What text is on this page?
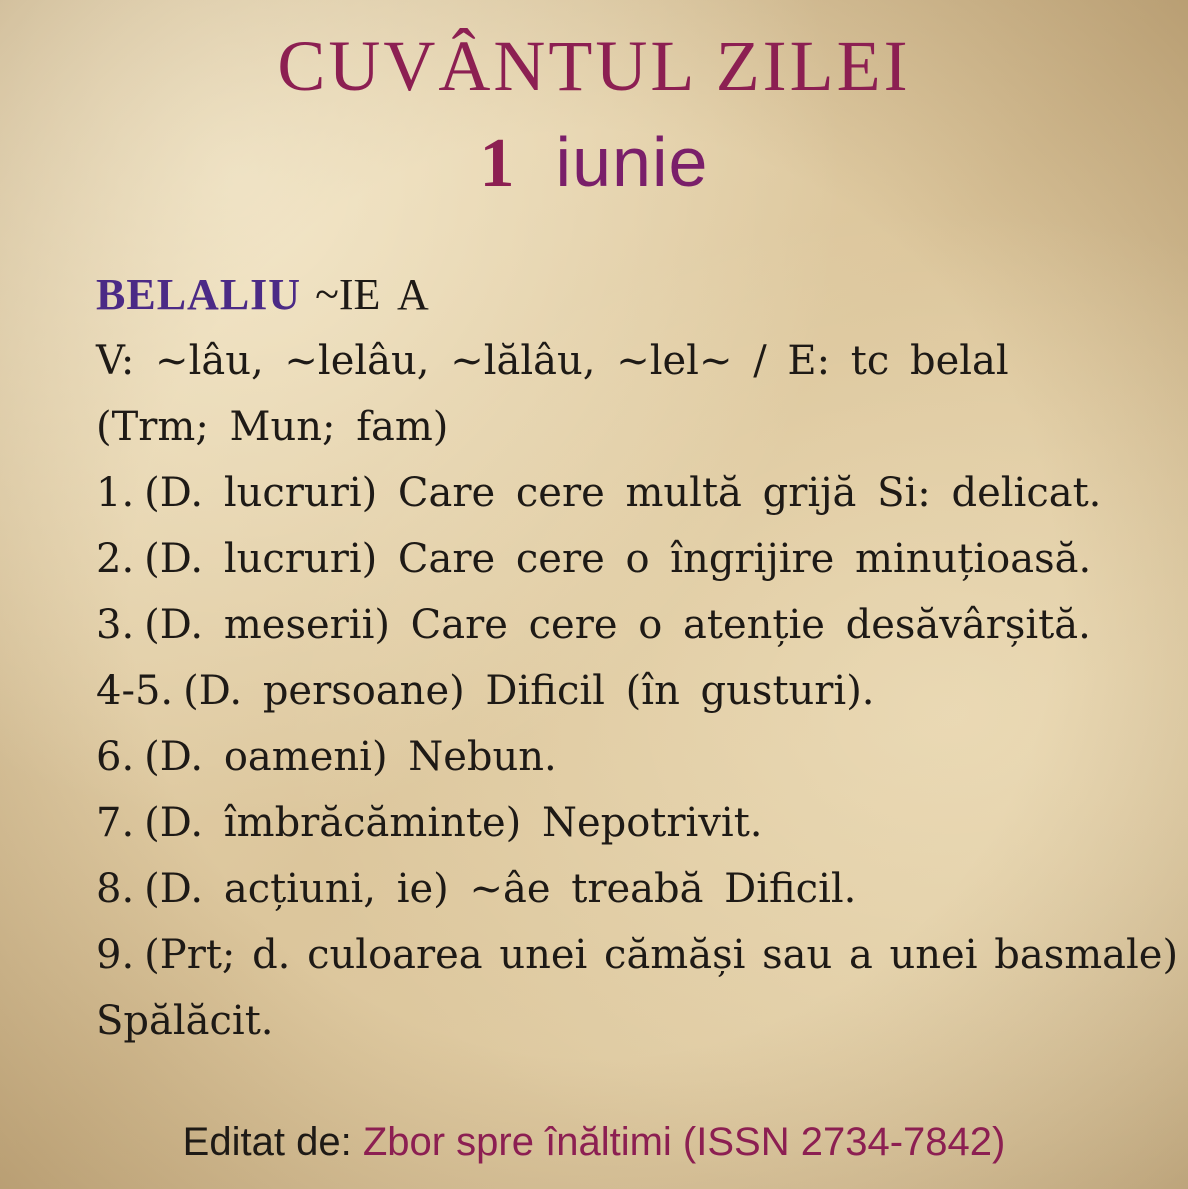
CUVÂNTUL ZILEI
1 iunie
BELALIU ~IE A
V: ~lâu, ~lelâu, ~lălâu, ~lel~ / E: tc belal
(Trm; Mun; fam)
1. (D. lucruri) Care cere multă grijă Si: delicat.
2. (D. lucruri) Care cere o îngrijire minuțioasă.
3. (D. meserii) Care cere o atenție desăvârșită.
4-5. (D. persoane) Dificil (în gusturi).
6. (D. oameni) Nebun.
7. (D. îmbrăcăminte) Nepotrivit.
8. (D. acțiuni, ie) ~âe treabă Dificil.
9. (Prt; d. culoarea unei cămăși sau a unei basmale)
Spălăcit.
Editat de: Zbor spre înăltimi (ISSN 2734-7842)
